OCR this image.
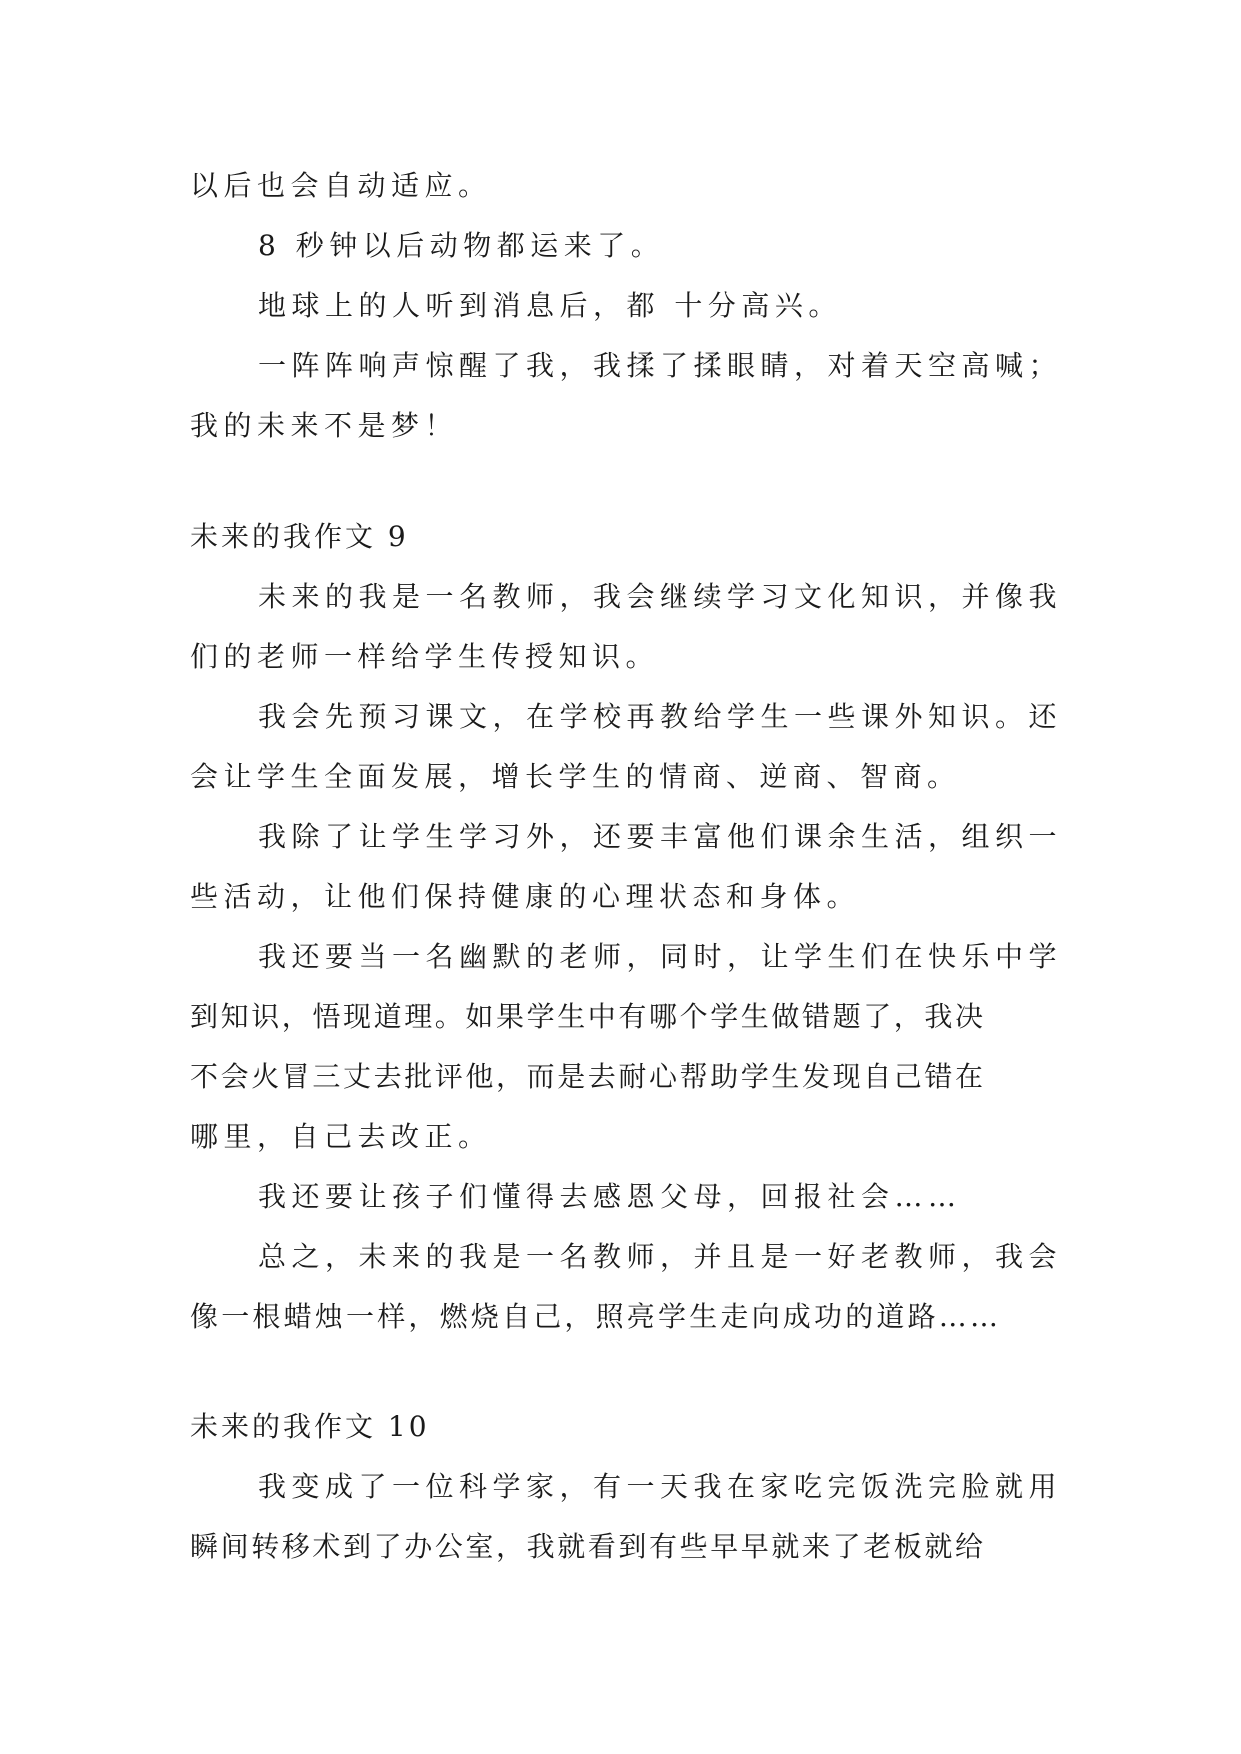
以后也会自动适应。
8 秒钟以后动物都运来了。
地球上的人听到消息后，都 十分高兴。
一阵阵响声惊醒了我，我揉了揉眼睛，对着天空高喊；
我的未来不是梦！
未来的我作文 9
未来的我是一名教师，我会继续学习文化知识，并像我
们的老师一样给学生传授知识。
我会先预习课文，在学校再教给学生一些课外知识。还
会让学生全面发展，增长学生的情商、逆商、智商。
我除了让学生学习外，还要丰富他们课余生活，组织一
些活动，让他们保持健康的心理状态和身体。
我还要当一名幽默的老师，同时，让学生们在快乐中学
到知识，悟现道理。如果学生中有哪个学生做错题了，我决
不会火冒三丈去批评他，而是去耐心帮助学生发现自己错在
哪里，自己去改正。
我还要让孩子们懂得去感恩父母，回报社会……
总之，未来的我是一名教师，并且是一好老教师，我会
像一根蜡烛一样，燃烧自己，照亮学生走向成功的道路……
未来的我作文 10
我变成了一位科学家，有一天我在家吃完饭洗完脸就用
瞬间转移术到了办公室，我就看到有些早早就来了老板就给
